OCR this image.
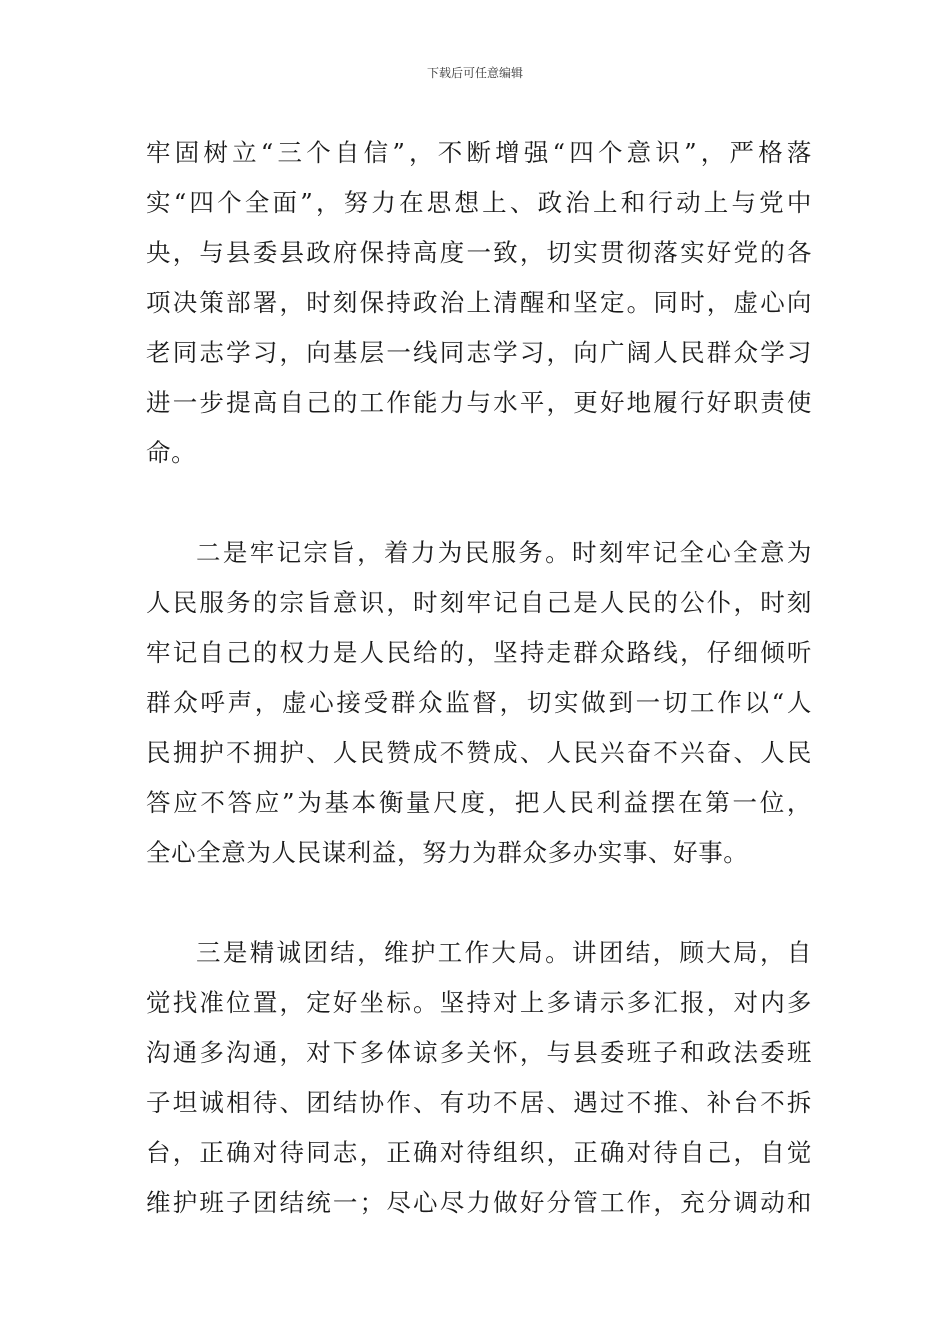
下载后可任意编辑

牢固树立“三个自信”，不断增强“四个意识”，严格落
实“四个全面”，努力在思想上、政治上和行动上与党中
央，与县委县政府保持高度一致，切实贯彻落实好党的各
项决策部署，时刻保持政治上清醒和坚定。同时，虚心向
老同志学习，向基层一线同志学习，向广阔人民群众学习
进一步提高自己的工作能力与水平，更好地履行好职责使
命。

二是牢记宗旨，着力为民服务。时刻牢记全心全意为
人民服务的宗旨意识，时刻牢记自己是人民的公仆，时刻
牢记自己的权力是人民给的，坚持走群众路线，仔细倾听
群众呼声，虚心接受群众监督，切实做到一切工作以“人
民拥护不拥护、人民赞成不赞成、人民兴奋不兴奋、人民
答应不答应”为基本衡量尺度，把人民利益摆在第一位，
全心全意为人民谋利益，努力为群众多办实事、好事。

三是精诚团结，维护工作大局。讲团结，顾大局，自
觉找准位置，定好坐标。坚持对上多请示多汇报，对内多
沟通多沟通，对下多体谅多关怀，与县委班子和政法委班
子坦诚相待、团结协作、有功不居、遇过不推、补台不拆
台，正确对待同志，正确对待组织，正确对待自己，自觉
维护班子团结统一；尽心尽力做好分管工作，充分调动和
